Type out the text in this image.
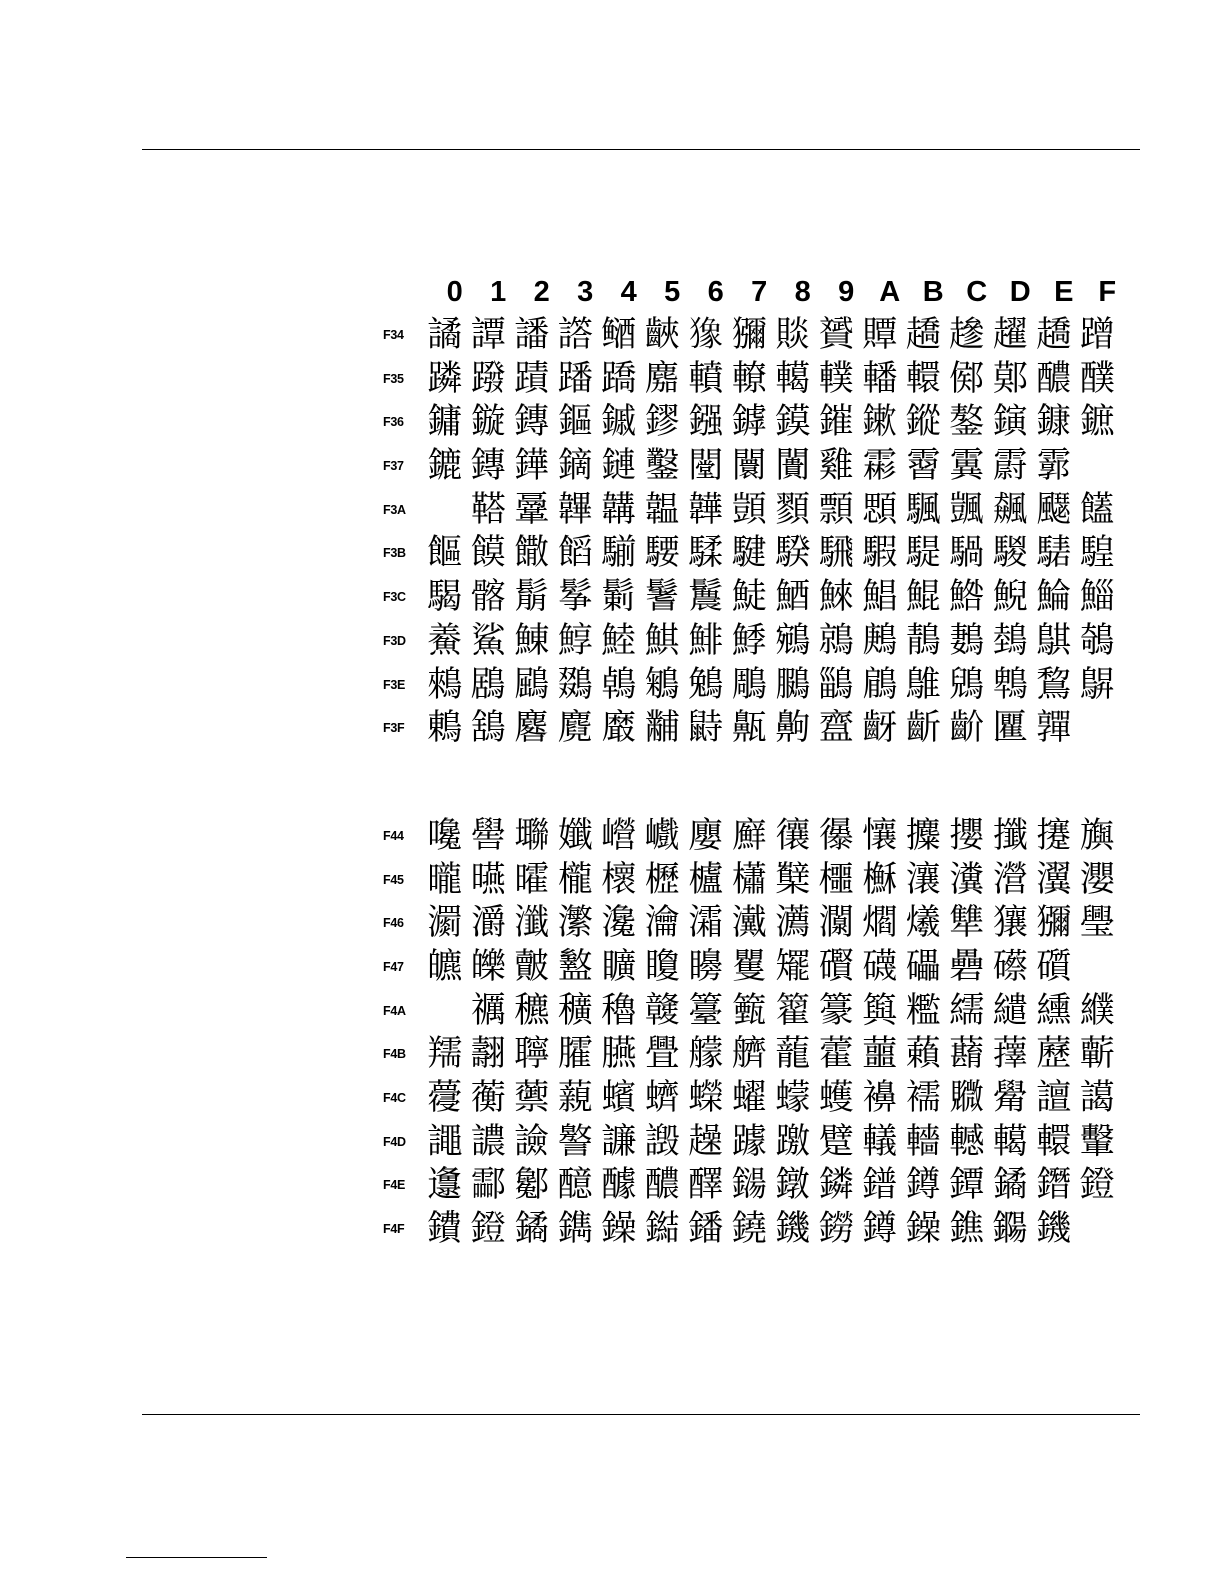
0 1 2 3 4 5 6 7 8 9 A B C D E F
F34 譎 譚 譒 譗 䲤 䶝 𤡸 獼 賧 贇 贉 趫 䟃 趯 趫 蹭
F35 蹸 蹳 蹟 蹯 蹻 䴥 轒 轑 轕 轐 轓 轘 鄇 鄚 醲 醭
F36 鏞 鏇 鏄 鏂 鏚 鏐 鏹 鏬 鏌 鏙 鏉 鏦 鏊 鏔 鏮 鏣
F37 鏕 鏄 鏵 鏑 鏈 鑿 闛 闤 闠 雞 霦 霫 霬 霨 霩
F3A	鞳 鞷 韠 韝 韞 韡 顗 顟 顠 顋 颿 颽 飆 飋 饚
F3B 饇 饃 饊 饀 騚 騕 騥 騝 騤 騛 騢 騠 騧 騣 騞 騜
F3C 騔 髂 鬅 鬇 鬎 鬐 鬞 鯐 鯂 鯠 鯧 鯤 鯦 鯢 鯩 鯔
F3D 鯗 鯊 鯟 鯙 鯥 鯕 鯡 鯚 鵷 鶁 鶊 鶄 鶈 鵱 鶀 鵸
F3E 鶆 鶋 鶌 鵽 鵫 鵴 鵵 鵰 鵩 鶅 鵳 鵻 鶂 鵯 鵹 鵿
F3F 鶇 鵨 麔 麑 黀 黼 鼭 齀 齁 齍 齖 齗 齘 匷 嚲
F44 嚵 嚳 壣 孅 巆 巇 廮 廯 忀 忁 懹 攗 攖 攕 攓 旟
F45 曨 曣 曤 櫳 櫰 櫪 櫨 櫹 櫱 櫮 櫯 瀼 瀵 瀯 瀷 瀴
F46 瀱 灂 瀸 瀿 瀺 瀹 灀 瀻 瀳 灁 爓 爔 犨 獽 獼 璺
F47 皫 皪 皾 盭 矌 矎 矏 矍 矲 礥 礣 礧 礨 礤 礩
F4A	禲 穮 穬 穭 竷 籉 籈 籊 籇 籅 糮 繻 繾 纁 纀
F4B 羺 翿 聹 臛 臙 舋 艨 艩 蘢 藿 蘁 藾 蘛 蘀 藶 蘄
F4C 蘉 蘅 蘌 藽 蠙 蠐 蠑 蠗 蠓 蠖 襣 襦 覹 觷 譠 譪
F4D 譝 譨 譣 譥 譧 譭 趮 躆 躈 躄 轙 轖 轗 轕 轘 轚
F4E 邍 酃 酁 醷 醵 醲 醳 鐋 鐓 鏻 鐠 鐏 鐔 鐍 鐕 鐙
F4F 鐨 鐙 鐍 鐫 鐰 鐑 鐇 鐃 鐖 鐒 鐏 鐰 鐎 鐊 鐖
